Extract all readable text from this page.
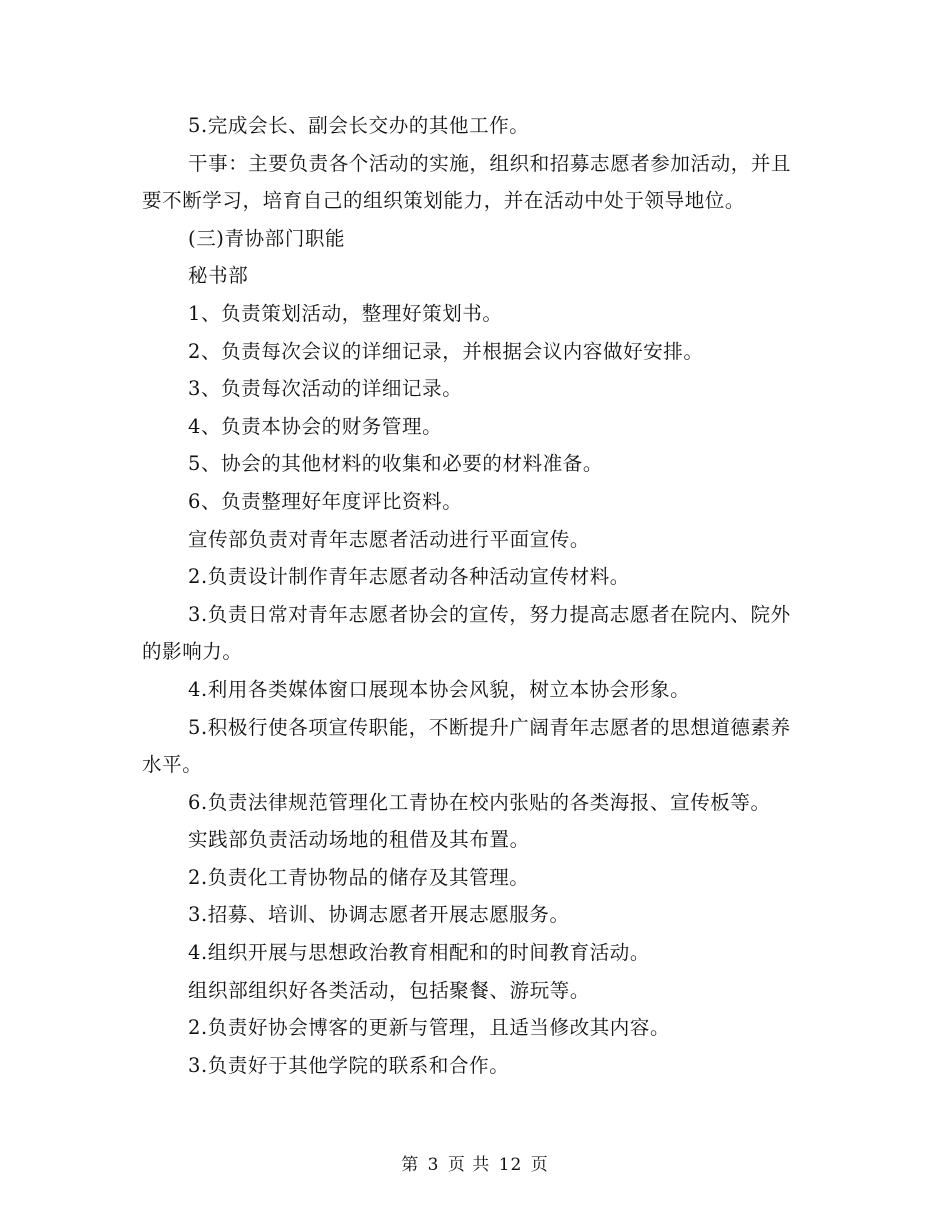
5.完成会长、副会长交办的其他工作。

干事：主要负责各个活动的实施，组织和招募志愿者参加活动，并且要不断学习，培育自己的组织策划能力，并在活动中处于领导地位。

(三)青协部门职能

秘书部

1、负责策划活动，整理好策划书。

2、负责每次会议的详细记录，并根据会议内容做好安排。

3、负责每次活动的详细记录。

4、负责本协会的财务管理。

5、协会的其他材料的收集和必要的材料准备。

6、负责整理好年度评比资料。

宣传部负责对青年志愿者活动进行平面宣传。

2.负责设计制作青年志愿者动各种活动宣传材料。

3.负责日常对青年志愿者协会的宣传，努力提高志愿者在院内、院外的影响力。

4.利用各类媒体窗口展现本协会风貌，树立本协会形象。

5.积极行使各项宣传职能，不断提升广阔青年志愿者的思想道德素养水平。

6.负责法律规范管理化工青协在校内张贴的各类海报、宣传板等。

实践部负责活动场地的租借及其布置。

2.负责化工青协物品的储存及其管理。

3.招募、培训、协调志愿者开展志愿服务。

4.组织开展与思想政治教育相配和的时间教育活动。

组织部组织好各类活动，包括聚餐、游玩等。

2.负责好协会博客的更新与管理，且适当修改其内容。

3.负责好于其他学院的联系和合作。

第 3 页 共 12 页
